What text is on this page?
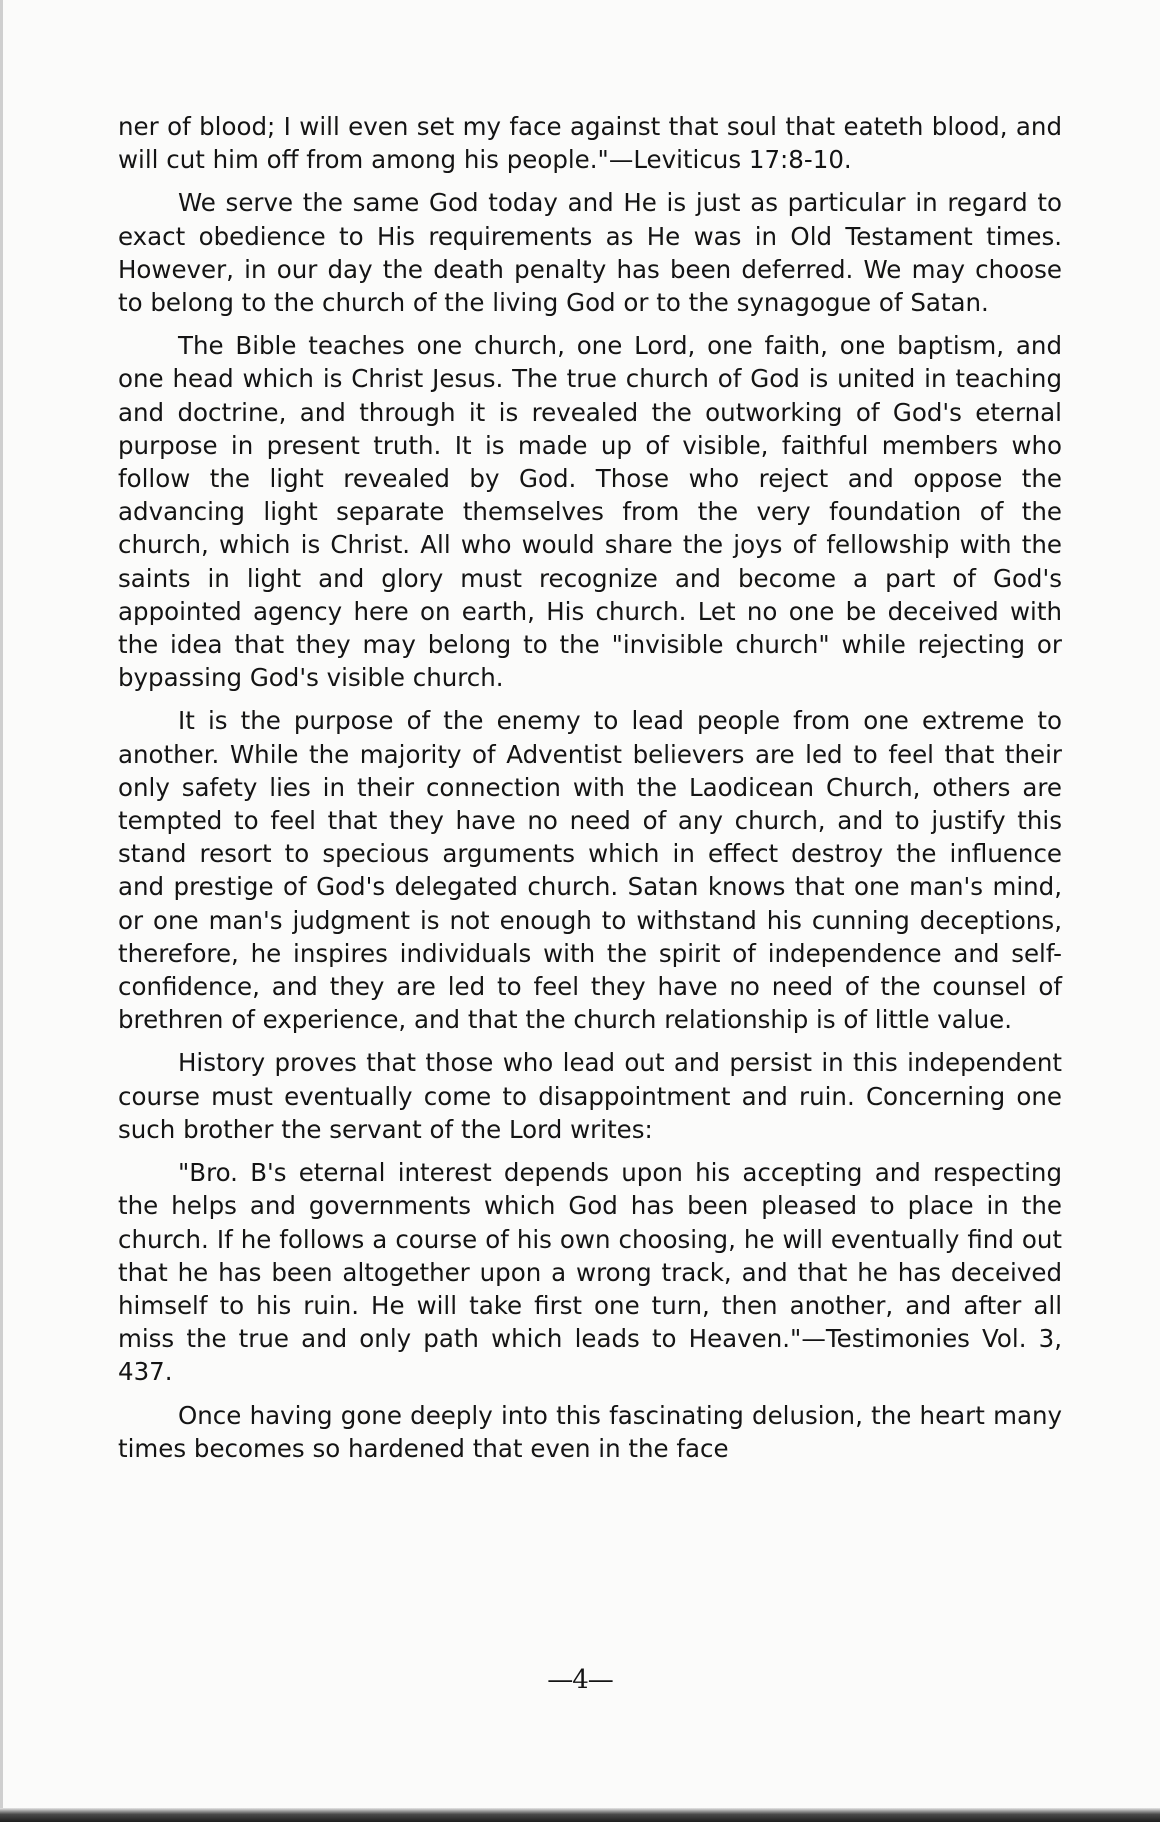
ner of blood; I will even set my face against that soul that eateth blood, and will cut him off from among his people."—Leviticus 17:8-10.

We serve the same God today and He is just as particular in regard to exact obedience to His requirements as He was in Old Testament times. However, in our day the death penalty has been deferred. We may choose to belong to the church of the living God or to the synagogue of Satan.

The Bible teaches one church, one Lord, one faith, one baptism, and one head which is Christ Jesus. The true church of God is united in teaching and doctrine, and through it is revealed the outworking of God's eternal purpose in present truth. It is made up of visible, faithful members who follow the light revealed by God. Those who reject and oppose the advancing light separate themselves from the very foundation of the church, which is Christ. All who would share the joys of fellowship with the saints in light and glory must recognize and become a part of God's appointed agency here on earth, His church. Let no one be deceived with the idea that they may belong to the "invisible church" while rejecting or bypassing God's visible church.

It is the purpose of the enemy to lead people from one extreme to another. While the majority of Adventist believers are led to feel that their only safety lies in their connection with the Laodicean Church, others are tempted to feel that they have no need of any church, and to justify this stand resort to specious arguments which in effect destroy the influence and prestige of God's delegated church. Satan knows that one man's mind, or one man's judgment is not enough to withstand his cunning deceptions, therefore, he inspires individuals with the spirit of independence and self-confidence, and they are led to feel they have no need of the counsel of brethren of experience, and that the church relationship is of little value.

History proves that those who lead out and persist in this independent course must eventually come to disappointment and ruin. Concerning one such brother the servant of the Lord writes:

"Bro. B's eternal interest depends upon his accepting and respecting the helps and governments which God has been pleased to place in the church. If he follows a course of his own choosing, he will eventually find out that he has been altogether upon a wrong track, and that he has deceived himself to his ruin. He will take first one turn, then another, and after all miss the true and only path which leads to Heaven."—Testimonies Vol. 3, 437.

Once having gone deeply into this fascinating delusion, the heart many times becomes so hardened that even in the face

—4—
